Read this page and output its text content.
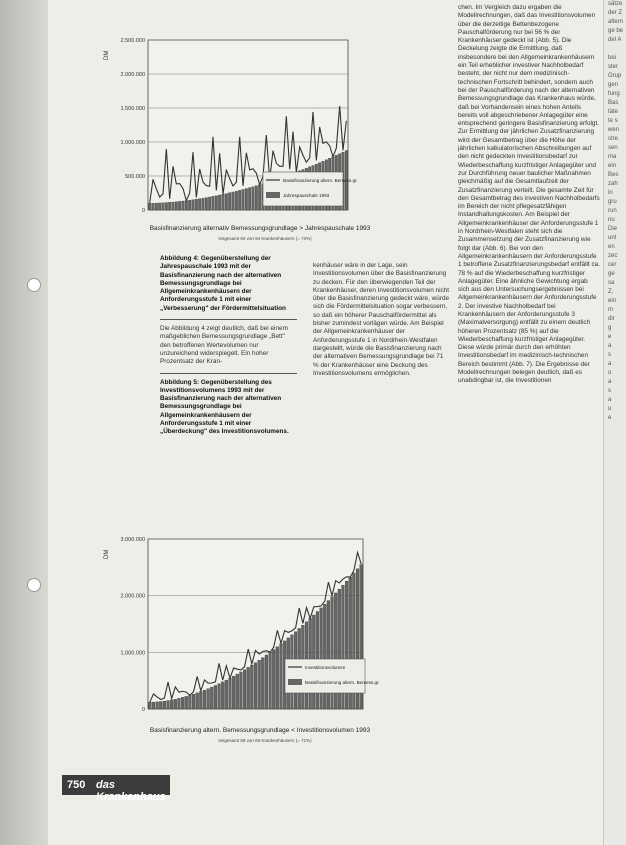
2.500.000
2.000.000
1.500.000
1.000.000
500.000
0
DM
Basisfinanzierung altern. Bemess.gr.
Jahrespauschale 1993
Basisfinanzierung alternativ Bemessungsgrundlage > Jahrespauschale 1993
Insgesamt 60 von 94 Krankenhäusern (= 73%)

Abbildung 4: Gegenüberstellung der Jahrespauschale 1993 mit der Basisfinanzierung nach der alternativen Bemessungsgrundlage bei Allgemeinkrankenhäusern der Anforderungsstufe 1 mit einer „Verbesserung" der Fördermittelsituation

Die Abbildung 4 zeigt deutlich, daß bei einem maßgeblichen Bemessungsgrundlage „Bett" den betroffenen Wertevolumen nur unzureichend widerspiegelt. Ein hoher Prozentsatz der Kran-

Abbildung 5: Gegenüberstellung des Investitionsvolumens 1993 mit der Basisfinanzierung nach der alternativen Bemessungsgrundlage bei Allgemeinkrankenhäusern der Anforderungsstufe 1 mit einer „Überdeckung" des Investitionsvolumens.

kenhäuser wäre in der Lage, sein Investitionsvolumen über die Basisfinanzierung zu decken. Für den überwiegenden Teil der Krankenhäuser, deren Investitionsvolumen nicht über die Basisfinanzierung gedeckt wäre, würde sich die Fördermittelsituation sogar verbessern, so daß ein höherer Pauschalfördermittel als bisher zumindest vorlägen würde. Am Beispiel der Allgemeinkrankenhäuser der Anforderungsstufe 1 in Nordrhein-Westfalen dargestellt, würde die Basisfinanzierung nach der alternativen Bemessungsgrundlage bei 71 % der Krankenhäuser eine Deckung des Investitionsvolumens ermöglichen.

chen. Im Vergleich dazu ergaben die Modellrechnungen, daß das Investitionsvolumen über die derzeitige Bettenbezogene Pauschalförderung nur bei 56 % der Krankenhäuser gedeckt ist (Abb. 5). Die Deckelung zeigte die Ermittlung, daß insbesondere bei den Allgemeinkrankenhäusern ein Teil erheblicher investiver Nachholbedarf besteht, der nicht nur dem medizinisch-technischen Fortschritt behindert, sondern auch bei der Pauschalförderung nach der alternativen Bemessungsgrundlage das Krankenhaus würde, daß bei Vorhandensein eines hohen Anteils bereits voll abgeschriebener Anlagegüter eine entsprechend geringere Basisfinanzierung erfolgt. Zur Ermittlung der jährlichen Zusatzfinanzierung wird der Gesamtbetrag über die Höhe der jährlichen kalkulatorischen Abschreibungen auf den nicht gedeckten Investitionsbedarf zur Wiederbeschaffung kurzfristiger Anlagegüter und zur Durchführung neuer baulicher Maßnahmen gleichmäßig auf die Gesamtlaufzeit der Zusatzfinanzierung verteilt. Die gesamte Zeit für den Gesamtbetrag des investiven Nachholbedarfs im Bereich der nicht pflegesatzfähigen Instandhaltungskosten. Am Beispiel der Allgemeinkrankenhäuser der Anforderungsstufe 1 in Nordrhein-Westfalen steht sich die Zusammensetzung der Zusatzfinanzierung wie folgt dar (Abb. 6). Bei von den Allgemeinkrankenhäusern der Anforderungsstufe 1 betroffene Zusatzfinanzierungsbedarf entfällt ca. 78 % auf die Wiederbeschaffung kurzfristiger Anlagegüter. Eine ähnliche Gewichtung ergab sich aus den Untersuchungsergebnissen bei Allgemeinkrankenhäusern der Anforderungsstufe 2. Der investive Nachholbedarf bei Krankenhäusern der Anforderungsstufe 3 (Maximalversorgung) entfällt zu einem deutlich höheren Prozentsatz (85 %) auf die Wiederbeschaffung kurzfristiger Anlagegüter. Diese würde primär durch den erhöhten Investitionsbedarf im medizinisch-technischen Bereich bestimmt (Abb. 7). Die Ergebnisse der Modellrechnungen belegen deutlich, daß es unabdingbar ist, die Investitionen

3.000.000
2.000.000
1.000.000
0
DM
Investitionsvolumen
Basisfinanzierung altern. Bemess.gr.
Basisfinanzierung altern. Bemessungsgrundlage < Investitionsvolumen 1993
Insgesamt 59 von 69 Krankenhäusern (= 71%)
sätze
der Z
altern
ge be
del A

bei
ster
Grup
gen
fung
Bas
täte
te s
wen
stre
sen
ma
ein
Bes
zah
in
gru
run
nu
Die
unt
en
zec
cer
ge
sa
Z,
ein
m
dir
g
e
a
s
a
o
a
s
a
u
e
750 das Krankenhaus
